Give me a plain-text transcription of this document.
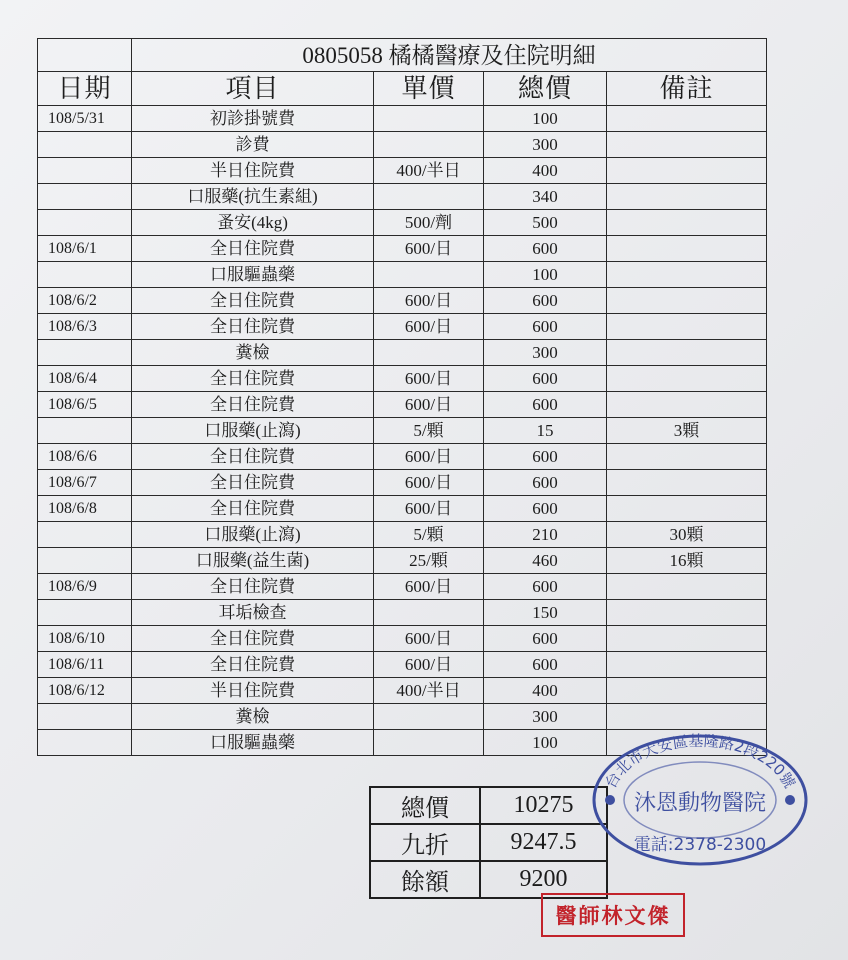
	0805058 橘橘醫療及住院明細			
日期	項目	單價	總價	備註
108/5/31	初診掛號費		100	
	診費		300	
	半日住院費	400/半日	400	
	口服藥(抗生素組)		340	
	蚤安(4kg)	500/劑	500	
108/6/1	全日住院費	600/日	600	
	口服驅蟲藥		100	
108/6/2	全日住院費	600/日	600	
108/6/3	全日住院費	600/日	600	
	糞檢		300	
108/6/4	全日住院費	600/日	600	
108/6/5	全日住院費	600/日	600	
	口服藥(止瀉)	5/顆	15	3顆
108/6/6	全日住院費	600/日	600	
108/6/7	全日住院費	600/日	600	
108/6/8	全日住院費	600/日	600	
	口服藥(止瀉)	5/顆	210	30顆
	口服藥(益生菌)	25/顆	460	16顆
108/6/9	全日住院費	600/日	600	
	耳垢檢查		150	
108/6/10	全日住院費	600/日	600	
108/6/11	全日住院費	600/日	600	
108/6/12	半日住院費	400/半日	400	
	糞檢		300	
	口服驅蟲藥		100	
總價	10275
九折	9247.5
餘額	9200
台北市大安區基隆路2段220號
沐恩動物醫院
電話:2378-2300
醫師林文傑
